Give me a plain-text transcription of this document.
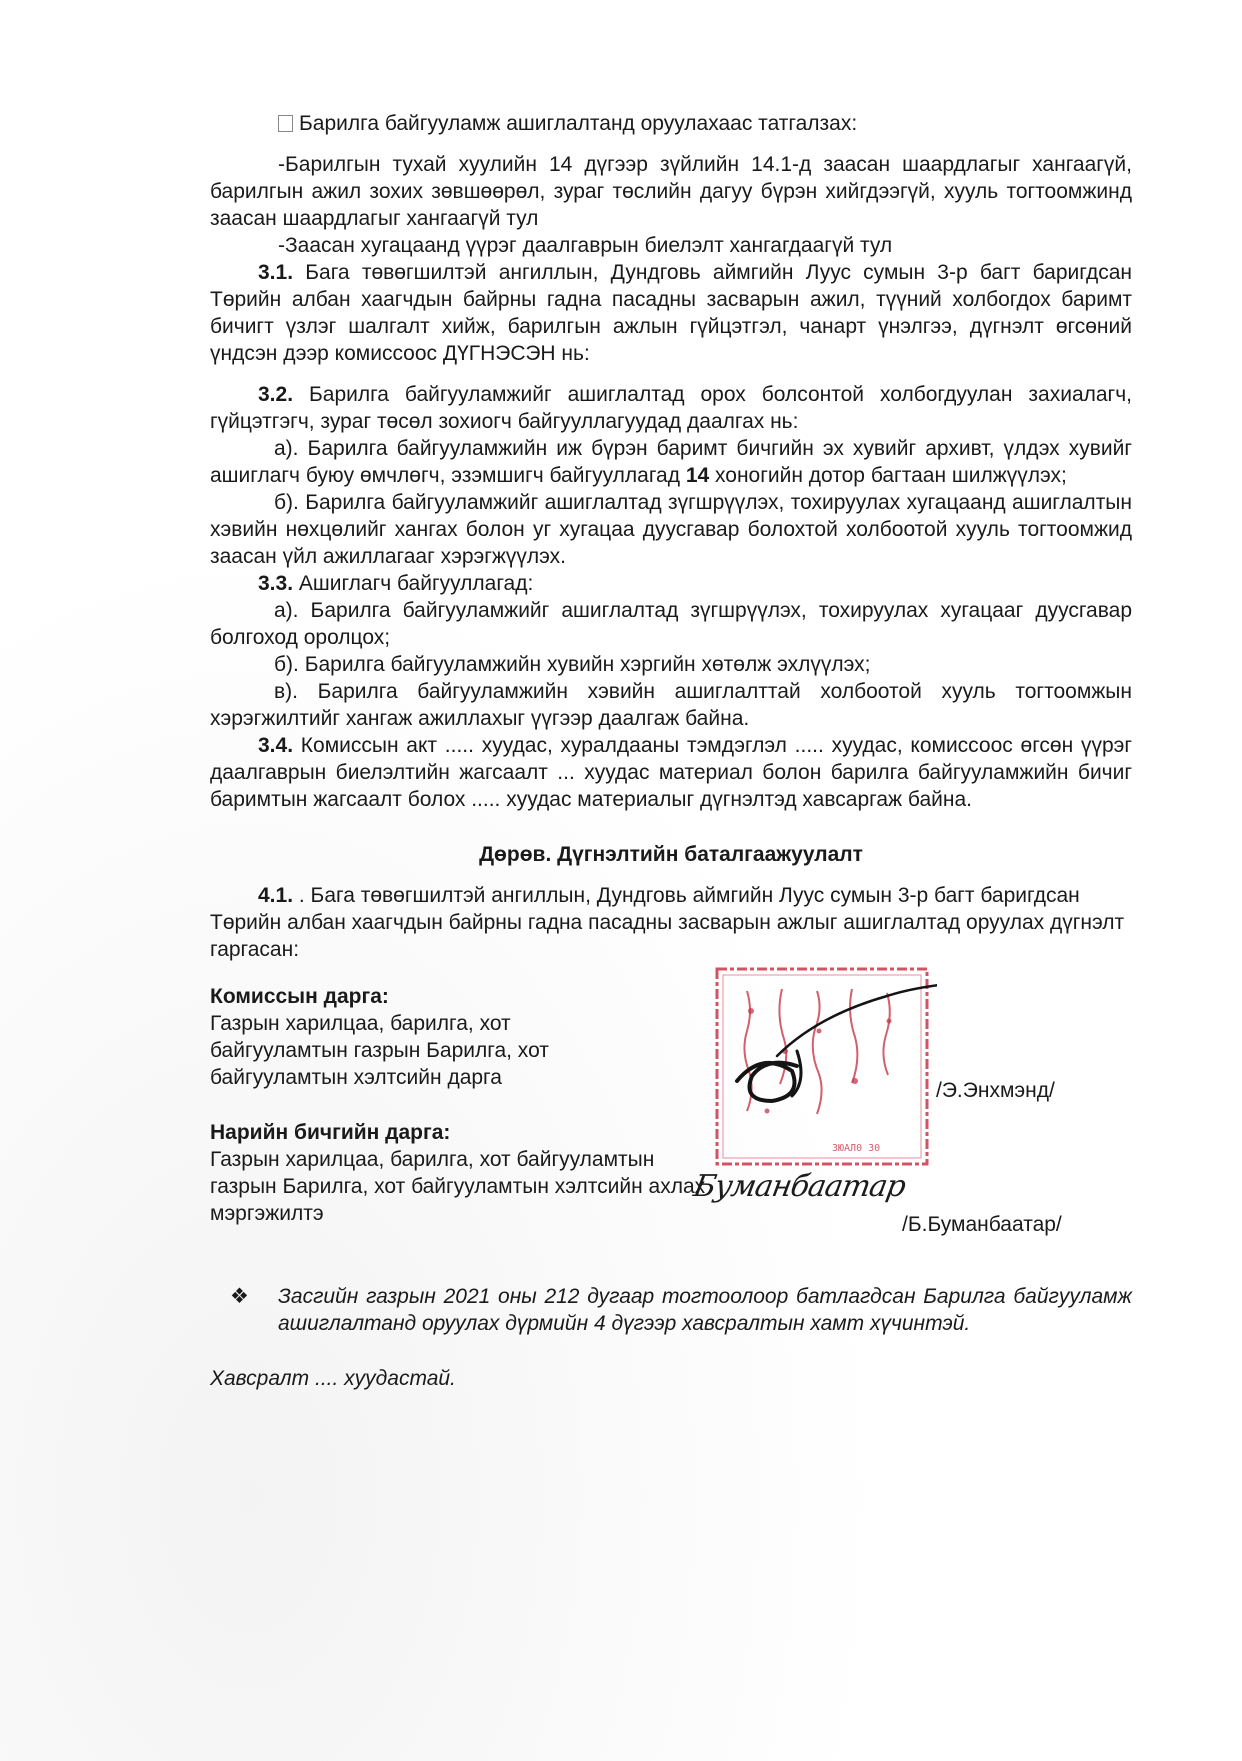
Барилга байгууламж ашиглалтанд оруулахаас татгалзах:

-Барилгын тухай хуулийн 14 дүгээр зүйлийн 14.1-д заасан шаардлагыг хангаагүй, барилгын ажил зохих зөвшөөрөл, зураг төслийн дагуу бүрэн хийгдээгүй, хууль тогтоомжинд заасан шаардлагыг хангаагүй тул

-Заасан хугацаанд үүрэг даалгаврын биелэлт хангагдаагүй тул

3.1. Бага төвөгшилтэй ангиллын, Дундговь аймгийн Луус сумын 3-р багт баригдсан Төрийн албан хаагчдын байрны гадна пасадны засварын ажил, түүний холбогдох баримт бичигт үзлэг шалгалт хийж, барилгын ажлын гүйцэтгэл, чанарт үнэлгээ, дүгнэлт өгсөний үндсэн дээр комиссоос ДҮГНЭСЭН нь:

3.2. Барилга байгууламжийг ашиглалтад орох болсонтой холбогдуулан захиалагч, гүйцэтгэгч, зураг төсөл зохиогч байгууллагуудад даалгах нь:

а). Барилга байгууламжийн иж бүрэн баримт бичгийн эх хувийг архивт, үлдэх хувийг ашиглагч буюу өмчлөгч, эзэмшигч байгууллагад 14 хоногийн дотор багтаан шилжүүлэх;

б). Барилга байгууламжийг ашиглалтад зүгшрүүлэх, тохируулах хугацаанд ашиглалтын хэвийн нөхцөлийг хангах болон уг хугацаа дуусгавар болохтой холбоотой хууль тогтоомжид заасан үйл ажиллагааг хэрэгжүүлэх.

3.3. Ашиглагч байгууллагад:

а). Барилга байгууламжийг ашиглалтад зүгшрүүлэх, тохируулах хугацааг дуусгавар болгоход оролцох;

б). Барилга байгууламжийн хувийн хэргийн хөтөлж эхлүүлэх;

в). Барилга байгууламжийн хэвийн ашиглалттай холбоотой хууль тогтоомжын хэрэгжилтийг хангаж ажиллахыг үүгээр даалгаж байна.

3.4. Комиссын акт ..... хуудас, хуралдааны тэмдэглэл ..... хуудас, комиссоос өгсөн үүрэг даалгаврын биелэлтийн жагсаалт ... хуудас материал болон барилга байгууламжийн бичиг баримтын жагсаалт болох ..... хуудас материалыг дүгнэлтэд хавсаргаж байна.

Дөрөв. Дүгнэлтийн баталгаажуулалт

4.1. . Бага төвөгшилтэй ангиллын, Дундговь аймгийн Луус сумын 3-р багт баригдсан Төрийн албан хаагчдын байрны гадна пасадны засварын ажлыг ашиглалтад оруулах дүгнэлт гаргасан:

Комиссын дарга:

Газрын харилцаа, барилга, хот байгууламтын газрын Барилга, хот байгууламтын хэлтсийн дарга

Нарийн бичгийн дарга:

Газрын харилцаа, барилга, хот байгууламтын газрын Барилга, хот байгууламтын хэлтсийн ахлах мэргэжилтэ

3ЮАЛ0 30
/Э.Энхмэнд/
Буманбаатар
/Б.Буманбаатар/
❖ Засгийн газрын 2021 оны 212 дугаар тогтоолоор батлагдсан Барилга байгууламж ашиглалтанд оруулах дүрмийн 4 дүгээр хавсралтын хамт хүчинтэй.

Хавсралт .... хуудастай.
